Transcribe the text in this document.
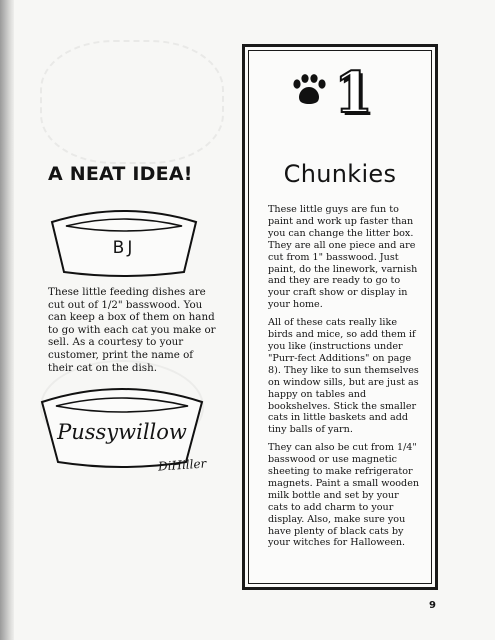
A NEAT IDEA!
BJ

These little feeding dishes are cut out of 1/2" basswood. You can keep a box of them on hand to go with each cat you make or sell. As a courtesy to your customer, print the name of their cat on the dish.

Pussywillow
DiHiller
1
Chunkies

These little guys are fun to paint and work up faster than you can change the litter box. They are all one piece and are cut from 1" basswood. Just paint, do the linework, varnish and they are ready to go to your craft show or display in your home.

All of these cats really like birds and mice, so add them if you like (instructions under "Purr-fect Additions" on page 8). They like to sun themselves on window sills, but are just as happy on tables and bookshelves. Stick the smaller cats in little baskets and add tiny balls of yarn.

They can also be cut from 1/4" basswood or use magnetic sheeting to make refrigerator magnets. Paint a small wooden milk bottle and set by your cats to add charm to your display. Also, make sure you have plenty of black cats by your witches for Halloween.

9
